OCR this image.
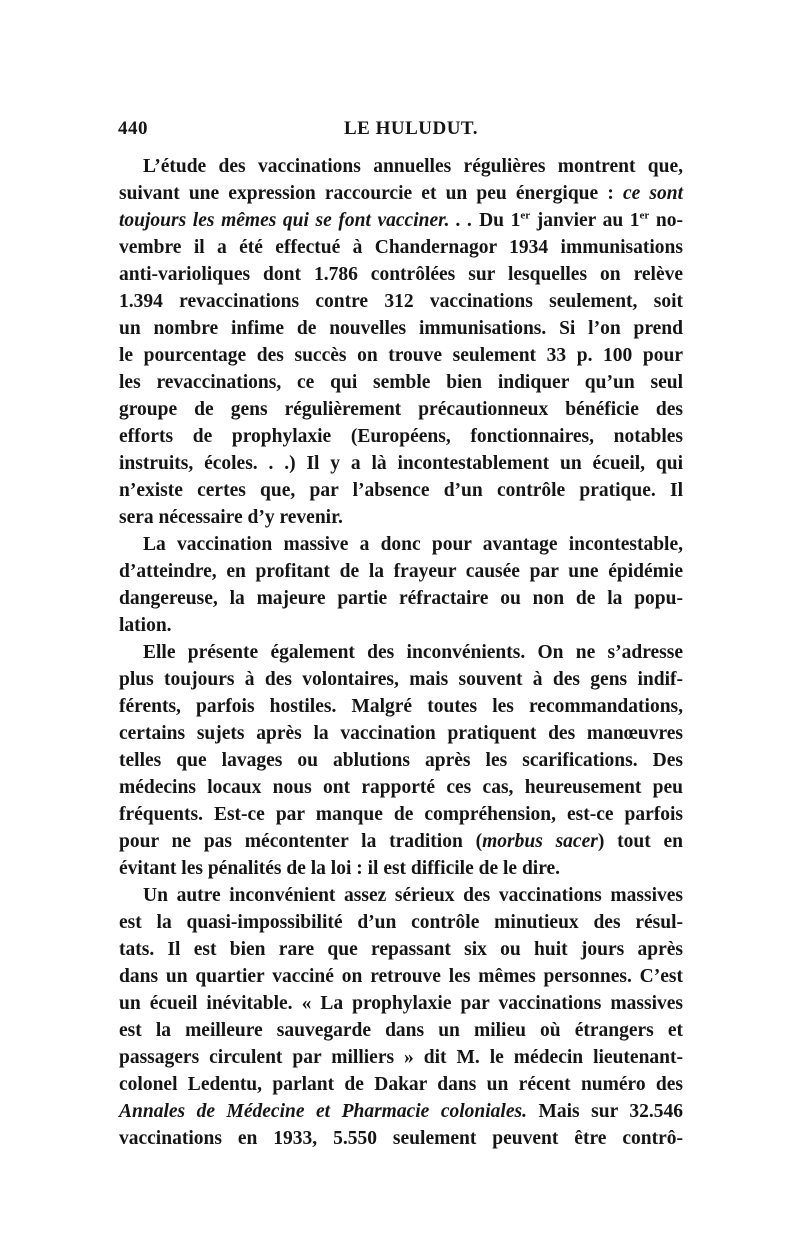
440	LE HULUDUT.
L’étude des vaccinations annuelles régulières montrent que,
suivant une expression raccourcie et un peu énergique : ce sont
toujours les mêmes qui se font vacciner. . . Du 1er janvier au 1er no-
vembre il a été effectué à Chandernagor 1934 immunisations
anti-varioliques dont 1.786 contrôlées sur lesquelles on relève
1.394 revaccinations contre 312 vaccinations seulement, soit
un nombre infime de nouvelles immunisations. Si l’on prend
le pourcentage des succès on trouve seulement 33 p. 100 pour
les revaccinations, ce qui semble bien indiquer qu’un seul
groupe de gens régulièrement précautionneux bénéficie des
efforts de prophylaxie (Européens, fonctionnaires, notables
instruits, écoles. . .) Il y a là incontestablement un écueil, qui
n’existe certes que, par l’absence d’un contrôle pratique. Il
sera nécessaire d’y revenir.
La vaccination massive a donc pour avantage incontestable,
d’atteindre, en profitant de la frayeur causée par une épidémie
dangereuse, la majeure partie réfractaire ou non de la popu-
lation.
Elle présente également des inconvénients. On ne s’adresse
plus toujours à des volontaires, mais souvent à des gens indif-
férents, parfois hostiles. Malgré toutes les recommandations,
certains sujets après la vaccination pratiquent des manœuvres
telles que lavages ou ablutions après les scarifications. Des
médecins locaux nous ont rapporté ces cas, heureusement peu
fréquents. Est-ce par manque de compréhension, est-ce parfois
pour ne pas mécontenter la tradition (morbus sacer) tout en
évitant les pénalités de la loi : il est difficile de le dire.
Un autre inconvénient assez sérieux des vaccinations massives
est la quasi-impossibilité d’un contrôle minutieux des résul-
tats. Il est bien rare que repassant six ou huit jours après
dans un quartier vacciné on retrouve les mêmes personnes. C’est
un écueil inévitable. « La prophylaxie par vaccinations massives
est la meilleure sauvegarde dans un milieu où étrangers et
passagers circulent par milliers » dit M. le médecin lieutenant-
colonel Ledentu, parlant de Dakar dans un récent numéro des
Annales de Médecine et Pharmacie coloniales. Mais sur 32.546
vaccinations en 1933, 5.550 seulement peuvent être contrô-
